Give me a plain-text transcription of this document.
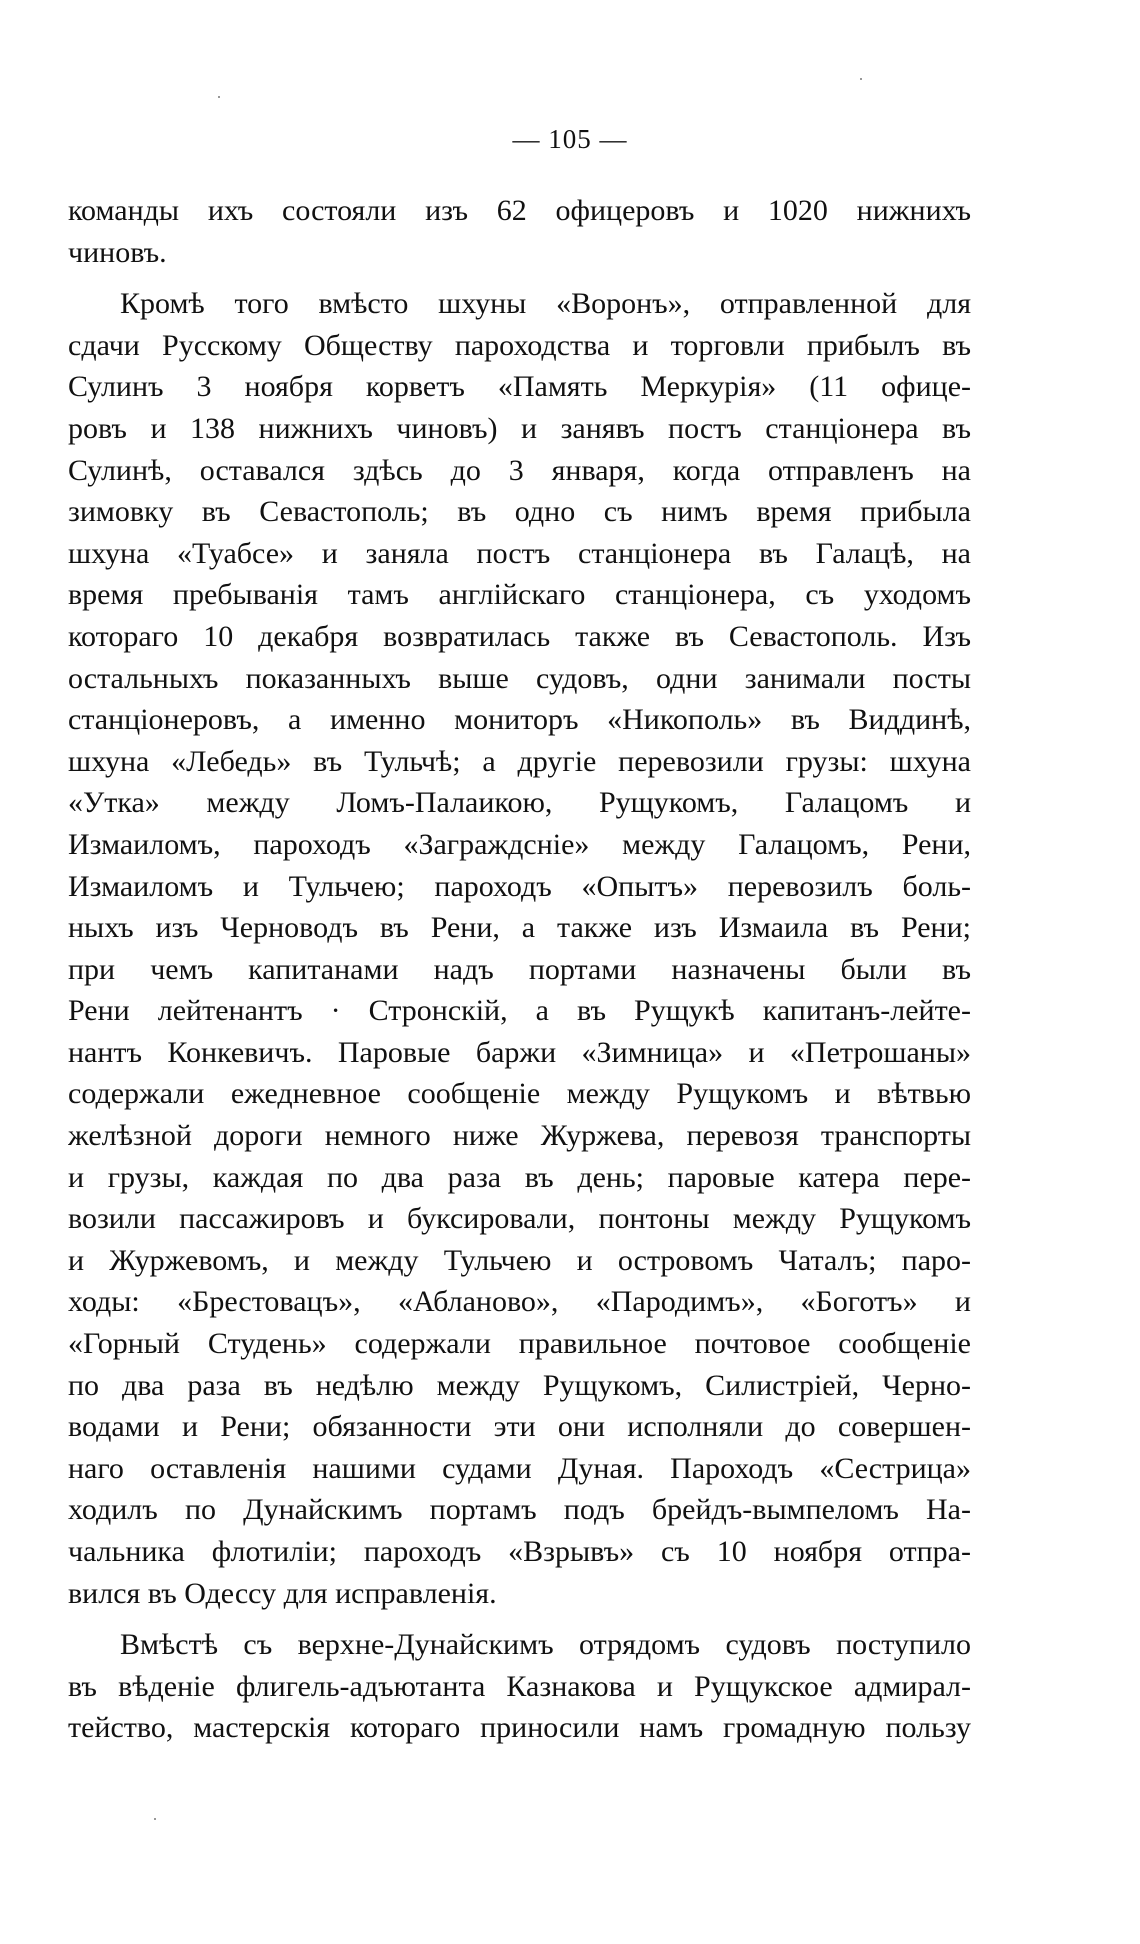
— 105 —
команды ихъ состояли изъ 62 офицеровъ и 1020 нижнихъ
чиновъ.
Кромѣ того вмѣсто шхуны «Воронъ», отправленной для
сдачи Русскому Обществу пароходства и торговли прибылъ въ
Сулинъ 3 ноября корветъ «Память Меркурія» (11 офице-
ровъ и 138 нижнихъ чиновъ) и занявъ постъ станціонера въ
Сулинѣ, оставался здѣсь до 3 января, когда отправленъ на
зимовку въ Севастополь; въ одно съ нимъ время прибыла
шхуна «Туабсе» и заняла постъ станціонера въ Галацѣ, на
время пребыванія тамъ англійскаго станціонера, съ уходомъ
котораго 10 декабря возвратилась также въ Севастополь. Изъ
остальныхъ показанныхъ выше судовъ, одни занимали посты
станціонеровъ, а именно мониторъ «Никополь» въ Виддинѣ,
шхуна «Лебедь» въ Тульчѣ; а другіе перевозили грузы: шхуна
«Утка» между Ломъ-Палаикою, Рущукомъ, Галацомъ и
Измаиломъ, пароходъ «Заграждсніе» между Галацомъ, Рени,
Измаиломъ и Тульчею; пароходъ «Опытъ» перевозилъ боль-
ныхъ изъ Черноводъ въ Рени, а также изъ Измаила въ Рени;
при чемъ капитанами надъ портами назначены были въ
Рени лейтенантъ · Стронскій, а въ Рущукѣ капитанъ-лейте-
нантъ Конкевичъ. Паровые баржи «Зимница» и «Петрошаны»
содержали ежедневное сообщеніе между Рущукомъ и вѣтвью
желѣзной дороги немного ниже Журжева, перевозя транспорты
и грузы, каждая по два раза въ день; паровые катера пере-
возили пассажировъ и буксировали, понтоны между Рущукомъ
и Журжевомъ, и между Тульчею и островомъ Чаталъ; паро-
ходы: «Брестовацъ», «Абланово», «Пародимъ», «Боготъ» и
«Горный Студень» содержали правильное почтовое сообщеніе
по два раза въ недѣлю между Рущукомъ, Силистріей, Черно-
водами и Рени; обязанности эти они исполняли до совершен-
наго оставленія нашими судами Дуная. Пароходъ «Сестрица»
ходилъ по Дунайскимъ портамъ подъ брейдъ-вымпеломъ На-
чальника флотиліи; пароходъ «Взрывъ» съ 10 ноября отпра-
вился въ Одессу для исправленія.
Вмѣстѣ съ верхне-Дунайскимъ отрядомъ судовъ поступило
въ вѣденіе флигель-адъютанта Казнакова и Рущукское адмирал-
тейство, мастерскія котораго приносили намъ громадную пользу
